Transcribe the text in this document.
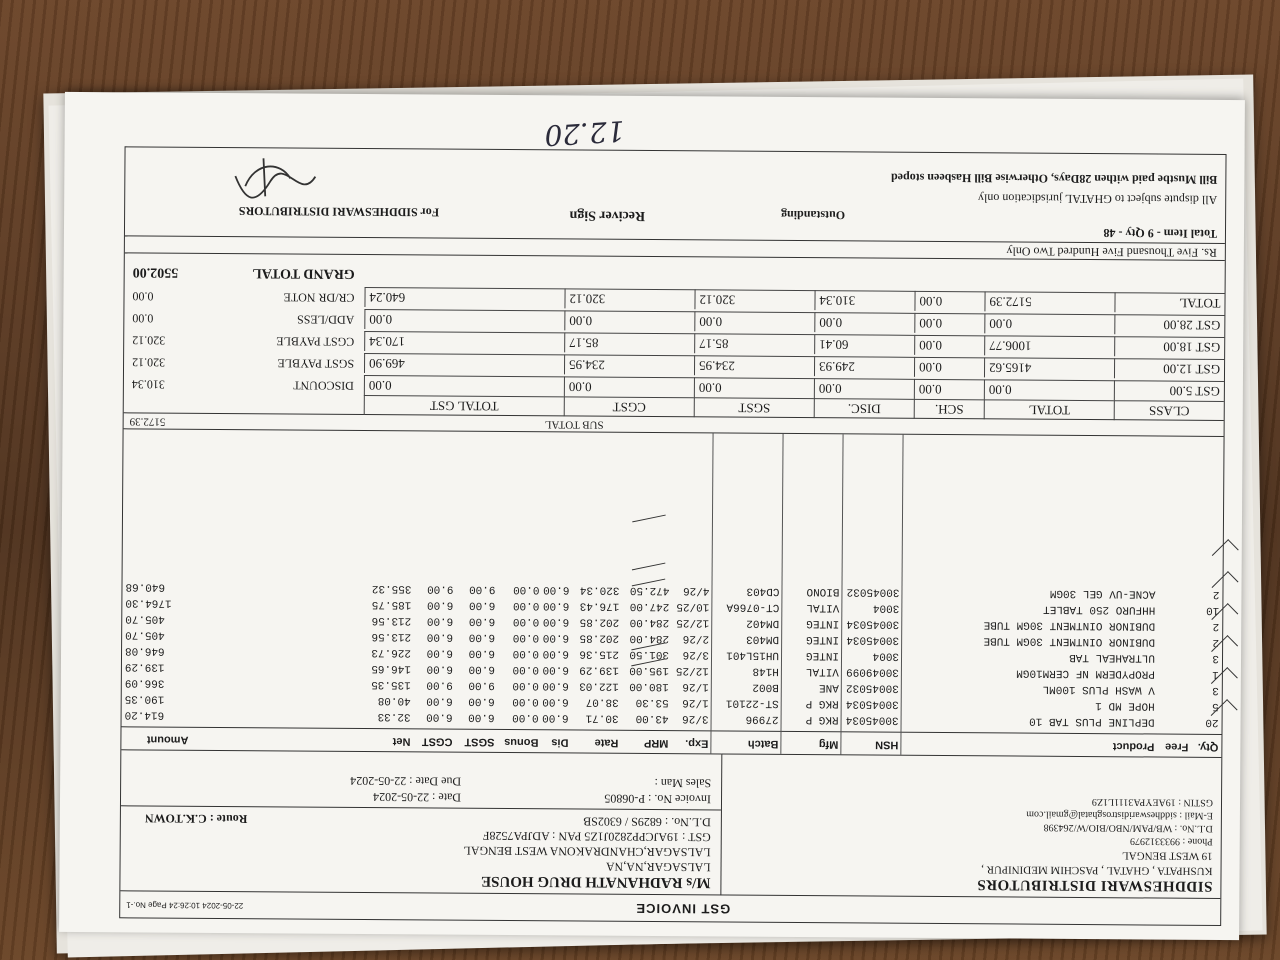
GST INVOICE
22-05-2024 10:26:24 Page No.-1
SIDDHESWARI DISTRIBUTORS
KUSHPATA , GHATAL , PASCHIM MEDINIPUR ,
19 WEST BENGAL
Phone : 9933312979
D.L.No. : WB/PAM/NBO/BIO/W/264398
E-Mail : siddheswaridistrosghatal@gmail.com
GSTIN : 19AEYPA3111L1Z9
M/s RADHANATH DRUG HOUSE
LALSAGAR,NA,NA
LALSAGAR,CHANDRAKONA WEST BENGAL
GST : 19AJCPP2820J1Z5 PAN : ADJPA7528F
D.L.No. : 6829S / 6302SB
Route : C.K.TOWN
Invoice No. : P-06805
Date : 22-05-2024
Sales Man :
Due Date : 22-05-2024
Qty.
Free
Product
HSN
Mfg
Batch
Exp.
MRP
Rate
Dis
Bonus
SGST
CGST
Net
Amount
20
DEPLINE PLUS TAB 10
30045034
RKG P
27996
3/26
43.00
30.71
6.00
0.00
6.00
6.00
32.33
614.20
5
HOPE MD 1
30045034
RKG P
ST-22101
1/26
53.30
38.07
6.00
0.00
6.00
6.00
40.08
190.35
3
V WASH PLUS 100ML
30045032
ANE
B002
1/26
180.00
122.03
6.00
0.00
9.00
9.00
135.35
366.09
1
PROPYDERM NF CERM10GM
30049099
VITAL
H148
12/25
195.00
139.29
6.00
0.00
6.00
6.00
146.65
139.29
3
ULTRAHEAL TAB
3004
INTEG
UH15L401
3/26
301.50
215.36
6.00
0.00
6.00
6.00
226.73
646.08
2
DUBINOR OINTMENT 30GM TUBE
30045034
INTEG
DM403
2/26
284.00
202.85
6.00
0.00
6.00
6.00
213.56
405.70
2
DUBINOR OINTMENT 30GM TUBE
30045034
INTEG
DM402
12/25
284.00
202.85
6.00
0.00
6.00
6.00
213.56
405.70
10
HHFURO 250 TABLET
3004
VITAL
CT-0766A
10/25
247.00
176.43
6.00
0.00
6.00
6.00
185.75
1764.30
2
ACNE-UV GEL 30GM
30045032
BIONO
CD403
4/26
472.50
320.34
6.00
0.00
9.00
9.00
355.32
640.68
SUB TOTAL
5172.39
CLASS
TOTAL
SCH.
DISC.
SGST
CGST
TOTAL GST
GST 5.00
0.00
0.00
0.00
0.00
0.00
0.00
GST 12.00
4165.62
0.00
249.93
234.95
234.95
469.90
GST 18.00
1006.77
0.00
60.41
85.17
85.17
170.34
GST 28.00
0.00
0.00
0.00
0.00
0.00
0.00
TOTAL
5172.39
0.00
310.34
320.12
320.12
640.24
DISCOUNT
310.34
SGST PAYBLE
320.12
CGST PAYBLE
320.12
ADD/LESS
0.00
CR/DR NOTE
0.00
GRAND TOTAL
5502.00
Rs. Five Thousand Five Hundred Two Only
Total Item - 9 Qty - 48
Outstanding
Reciver Sign
For SIDDHESWARI DISTRIBUTORS
All dispute subject to GHATAL jurisdication only
Bill Mustbe paid withen 28Days, Otherwise Bill Hasbeen stoped
12.20
